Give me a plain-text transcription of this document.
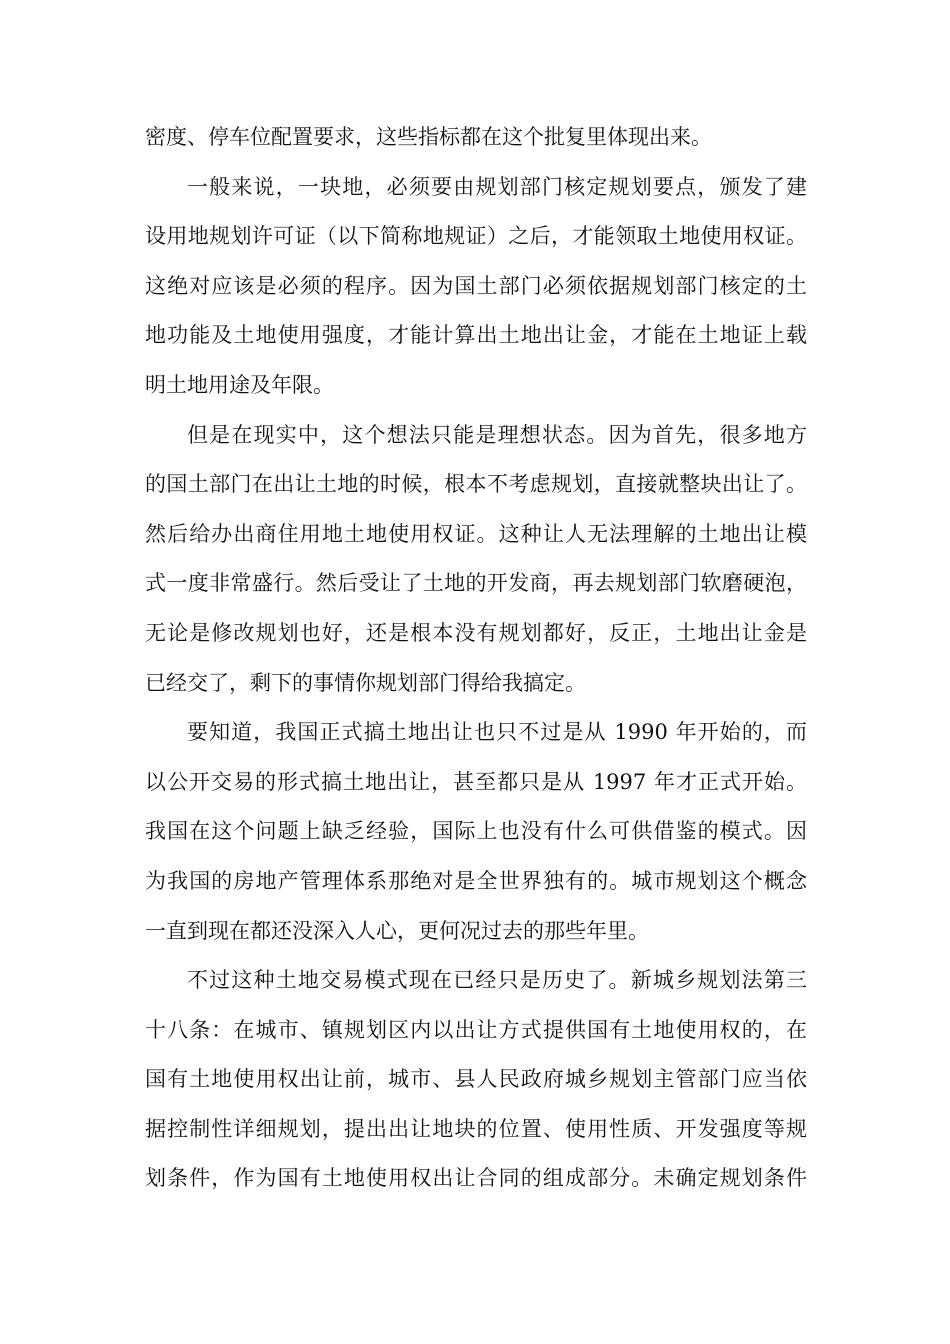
密度、停车位配置要求，这些指标都在这个批复里体现出来。
一般来说，一块地，必须要由规划部门核定规划要点，颁发了建
设用地规划许可证（以下简称地规证）之后，才能领取土地使用权证。
这绝对应该是必须的程序。因为国土部门必须依据规划部门核定的土
地功能及土地使用强度，才能计算出土地出让金，才能在土地证上载
明土地用途及年限。
但是在现实中，这个想法只能是理想状态。因为首先，很多地方
的国土部门在出让土地的时候，根本不考虑规划，直接就整块出让了。
然后给办出商住用地土地使用权证。这种让人无法理解的土地出让模
式一度非常盛行。然后受让了土地的开发商，再去规划部门软磨硬泡，
无论是修改规划也好，还是根本没有规划都好，反正，土地出让金是
已经交了，剩下的事情你规划部门得给我搞定。
要知道，我国正式搞土地出让也只不过是从 1990 年开始的，而
以公开交易的形式搞土地出让，甚至都只是从 1997 年才正式开始。
我国在这个问题上缺乏经验，国际上也没有什么可供借鉴的模式。因
为我国的房地产管理体系那绝对是全世界独有的。城市规划这个概念
一直到现在都还没深入人心，更何况过去的那些年里。
不过这种土地交易模式现在已经只是历史了。新城乡规划法第三
十八条：在城市、镇规划区内以出让方式提供国有土地使用权的，在
国有土地使用权出让前，城市、县人民政府城乡规划主管部门应当依
据控制性详细规划，提出出让地块的位置、使用性质、开发强度等规
划条件，作为国有土地使用权出让合同的组成部分。未确定规划条件
